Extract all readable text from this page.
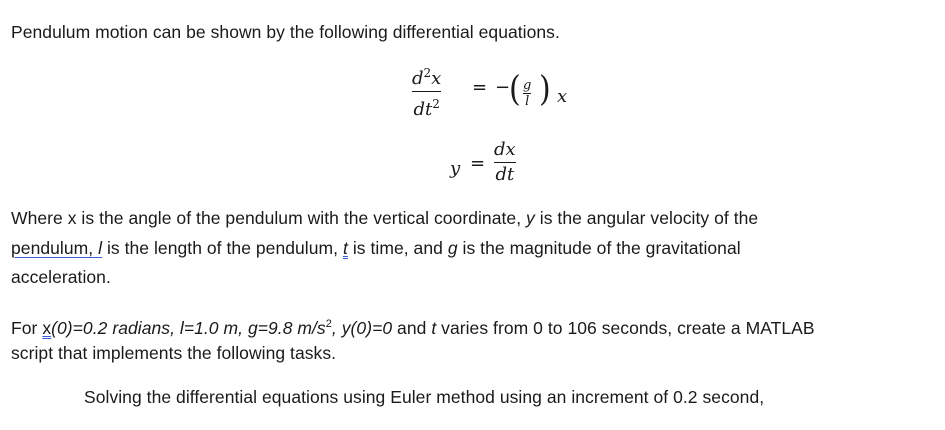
Pendulum motion can be shown by the following differential equations.
$d^2x$
$dt^2$
= −
( g
l ) x
y =
dx
dt
Where x is the angle of the pendulum with the vertical coordinate, y is the angular velocity of the
pendulum, l is the length of the pendulum, t is time, and g is the magnitude of the gravitational
acceleration.
For x(0)=0.2 radians, l=1.0 m, g=9.8 $m/s^2$, y(0)=0 and t varies from 0 to 106 seconds, create a MATLAB
script that implements the following tasks.
Solving the differential equations using Euler method using an increment of 0.2 second,
